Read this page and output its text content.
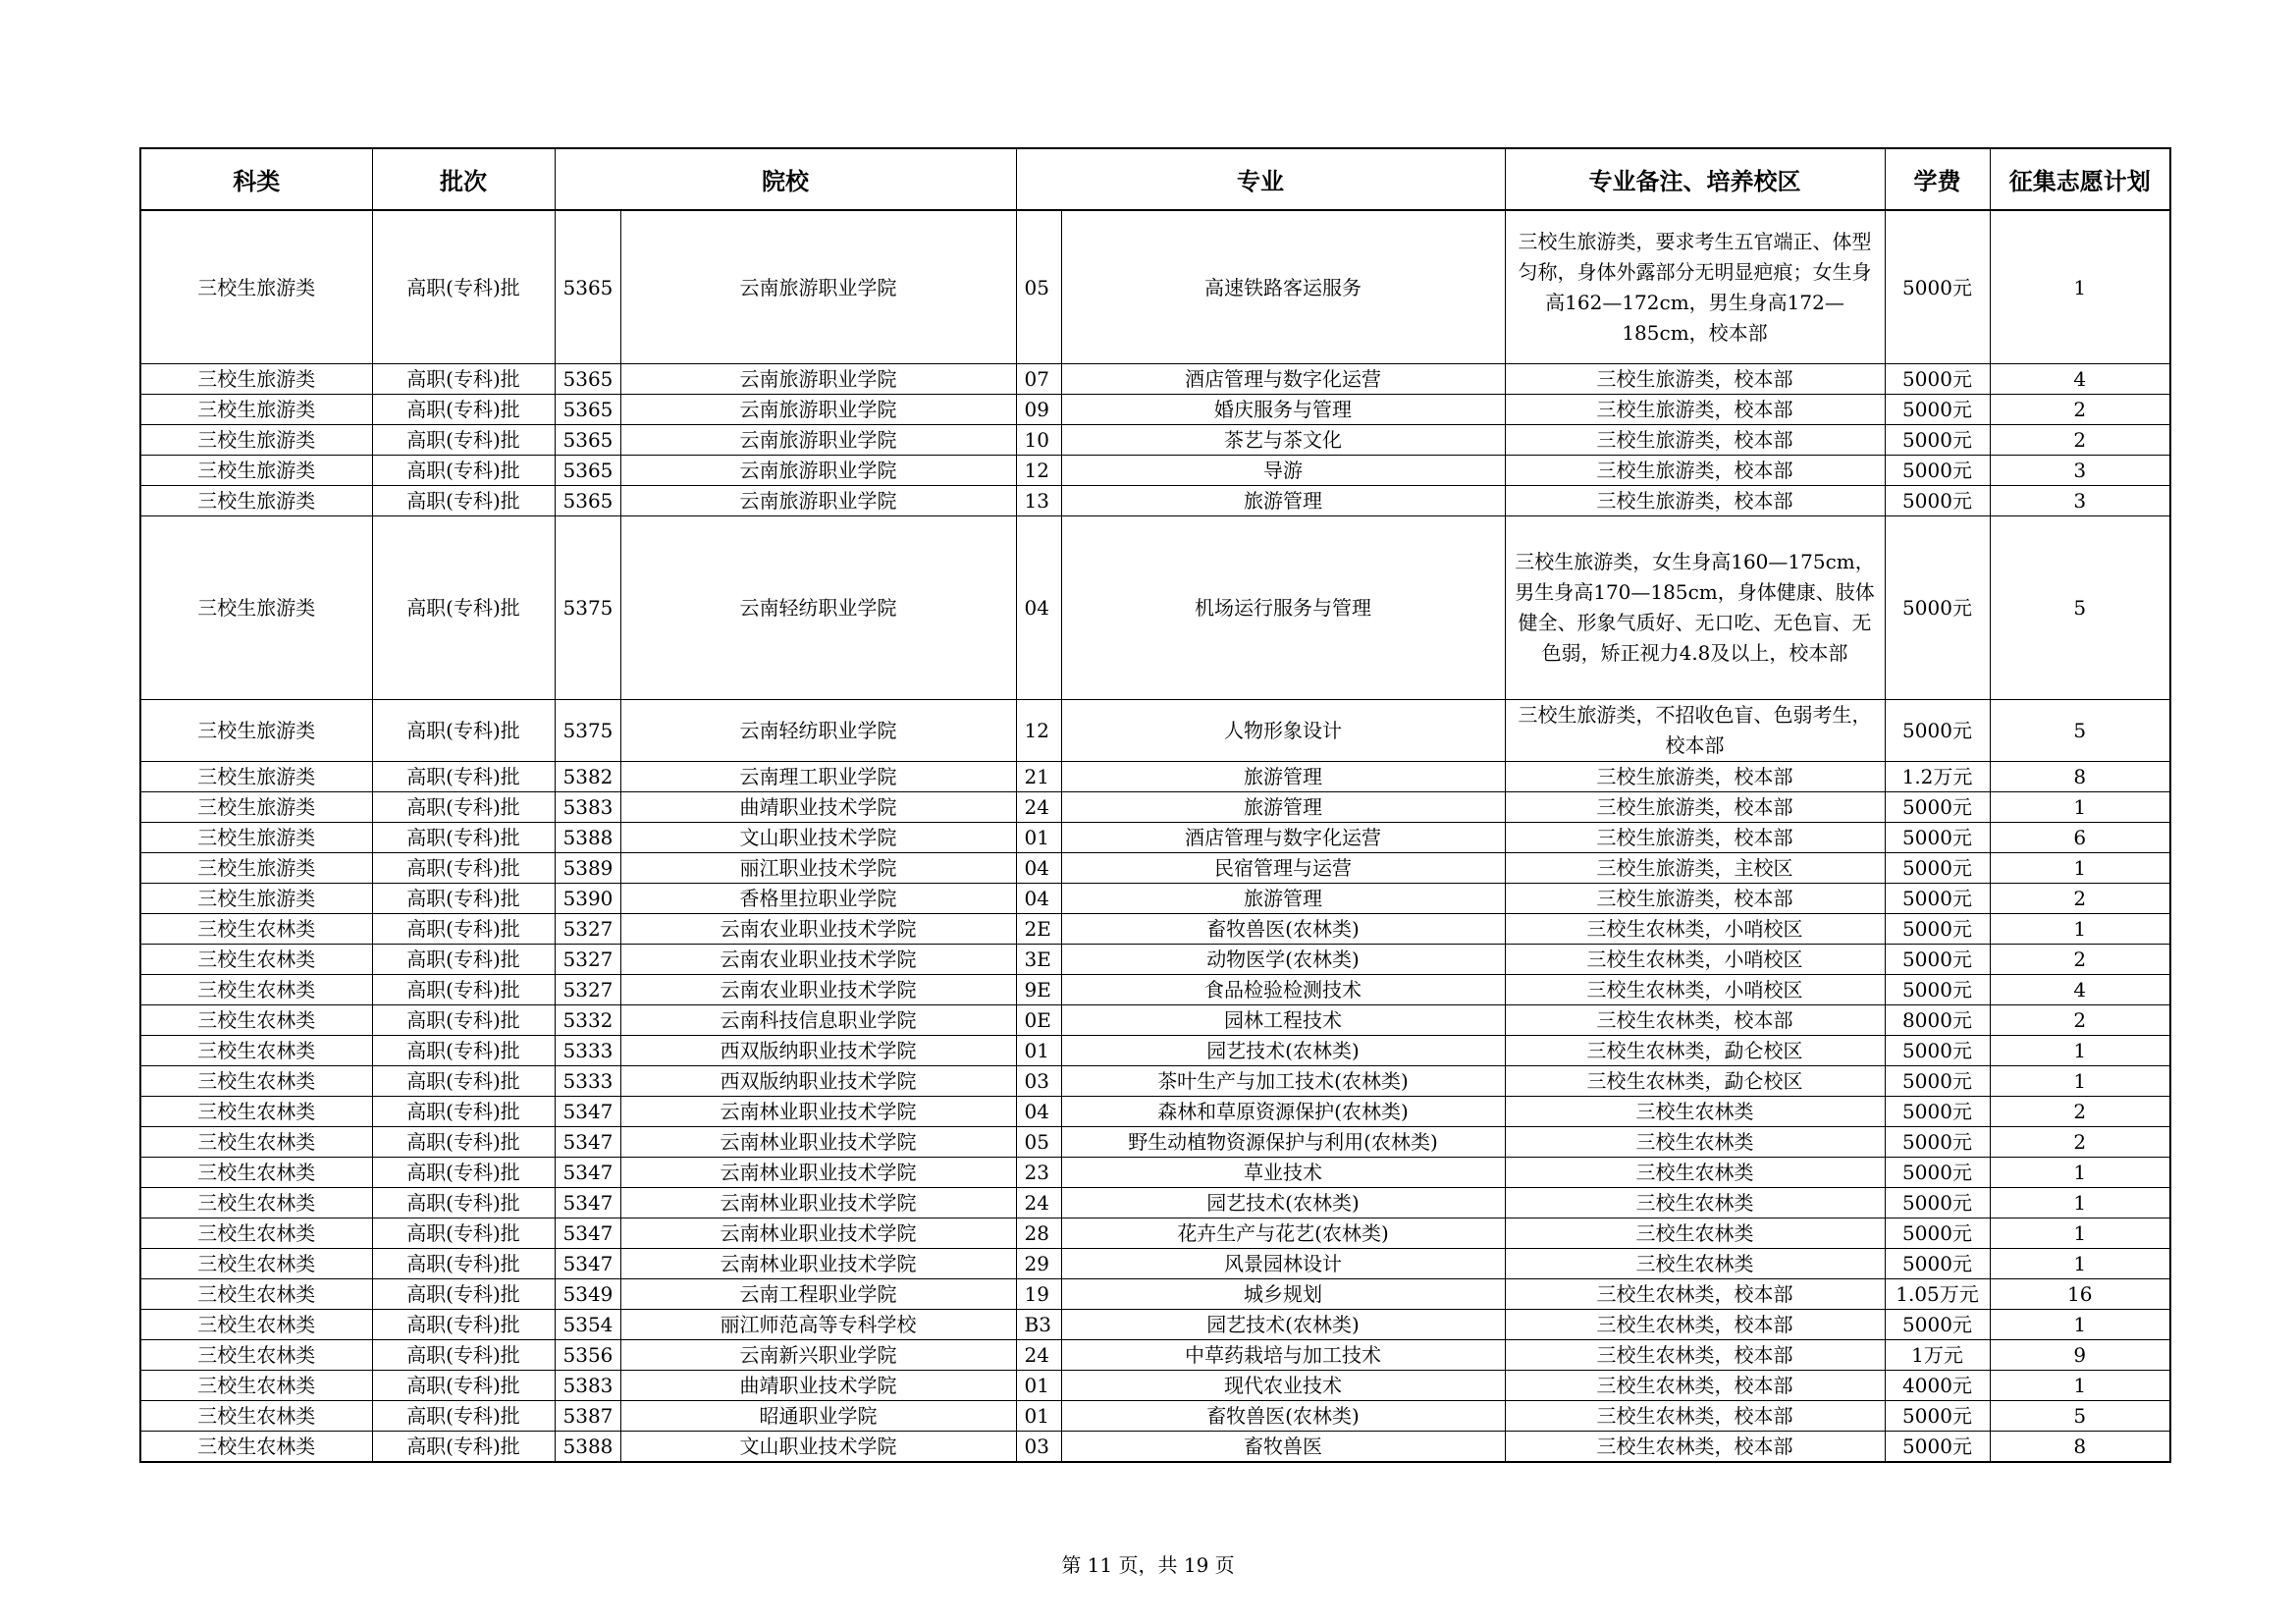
科类	批次	院校		专业		专业备注、培养校区	学费	征集志愿计划
三校生旅游类	高职(专科)批	5365	云南旅游职业学院	05	高速铁路客运服务	三校生旅游类，要求考生五官端正、体型匀称，身体外露部分无明显疤痕；女生身高162—172cm，男生身高172—185cm，校本部	5000元	1
三校生旅游类	高职(专科)批	5365	云南旅游职业学院	07	酒店管理与数字化运营	三校生旅游类，校本部	5000元	4
三校生旅游类	高职(专科)批	5365	云南旅游职业学院	09	婚庆服务与管理	三校生旅游类，校本部	5000元	2
三校生旅游类	高职(专科)批	5365	云南旅游职业学院	10	茶艺与茶文化	三校生旅游类，校本部	5000元	2
三校生旅游类	高职(专科)批	5365	云南旅游职业学院	12	导游	三校生旅游类，校本部	5000元	3
三校生旅游类	高职(专科)批	5365	云南旅游职业学院	13	旅游管理	三校生旅游类，校本部	5000元	3
三校生旅游类	高职(专科)批	5375	云南轻纺职业学院	04	机场运行服务与管理	三校生旅游类，女生身高160—175cm，男生身高170—185cm，身体健康、肢体健全、形象气质好、无口吃、无色盲、无色弱，矫正视力4.8及以上，校本部	5000元	5
三校生旅游类	高职(专科)批	5375	云南轻纺职业学院	12	人物形象设计	三校生旅游类，不招收色盲、色弱考生，校本部	5000元	5
三校生旅游类	高职(专科)批	5382	云南理工职业学院	21	旅游管理	三校生旅游类，校本部	1.2万元	8
三校生旅游类	高职(专科)批	5383	曲靖职业技术学院	24	旅游管理	三校生旅游类，校本部	5000元	1
三校生旅游类	高职(专科)批	5388	文山职业技术学院	01	酒店管理与数字化运营	三校生旅游类，校本部	5000元	6
三校生旅游类	高职(专科)批	5389	丽江职业技术学院	04	民宿管理与运营	三校生旅游类，主校区	5000元	1
三校生旅游类	高职(专科)批	5390	香格里拉职业学院	04	旅游管理	三校生旅游类，校本部	5000元	2
三校生农林类	高职(专科)批	5327	云南农业职业技术学院	2E	畜牧兽医(农林类)	三校生农林类，小哨校区	5000元	1
三校生农林类	高职(专科)批	5327	云南农业职业技术学院	3E	动物医学(农林类)	三校生农林类，小哨校区	5000元	2
三校生农林类	高职(专科)批	5327	云南农业职业技术学院	9E	食品检验检测技术	三校生农林类，小哨校区	5000元	4
三校生农林类	高职(专科)批	5332	云南科技信息职业学院	0E	园林工程技术	三校生农林类，校本部	8000元	2
三校生农林类	高职(专科)批	5333	西双版纳职业技术学院	01	园艺技术(农林类)	三校生农林类，勐仑校区	5000元	1
三校生农林类	高职(专科)批	5333	西双版纳职业技术学院	03	茶叶生产与加工技术(农林类)	三校生农林类，勐仑校区	5000元	1
三校生农林类	高职(专科)批	5347	云南林业职业技术学院	04	森林和草原资源保护(农林类)	三校生农林类	5000元	2
三校生农林类	高职(专科)批	5347	云南林业职业技术学院	05	野生动植物资源保护与利用(农林类)	三校生农林类	5000元	2
三校生农林类	高职(专科)批	5347	云南林业职业技术学院	23	草业技术	三校生农林类	5000元	1
三校生农林类	高职(专科)批	5347	云南林业职业技术学院	24	园艺技术(农林类)	三校生农林类	5000元	1
三校生农林类	高职(专科)批	5347	云南林业职业技术学院	28	花卉生产与花艺(农林类)	三校生农林类	5000元	1
三校生农林类	高职(专科)批	5347	云南林业职业技术学院	29	风景园林设计	三校生农林类	5000元	1
三校生农林类	高职(专科)批	5349	云南工程职业学院	19	城乡规划	三校生农林类，校本部	1.05万元	16
三校生农林类	高职(专科)批	5354	丽江师范高等专科学校	B3	园艺技术(农林类)	三校生农林类，校本部	5000元	1
三校生农林类	高职(专科)批	5356	云南新兴职业学院	24	中草药栽培与加工技术	三校生农林类，校本部	1万元	9
三校生农林类	高职(专科)批	5383	曲靖职业技术学院	01	现代农业技术	三校生农林类，校本部	4000元	1
三校生农林类	高职(专科)批	5387	昭通职业学院	01	畜牧兽医(农林类)	三校生农林类，校本部	5000元	5
三校生农林类	高职(专科)批	5388	文山职业技术学院	03	畜牧兽医	三校生农林类，校本部	5000元	8
第 11 页，共 19 页
